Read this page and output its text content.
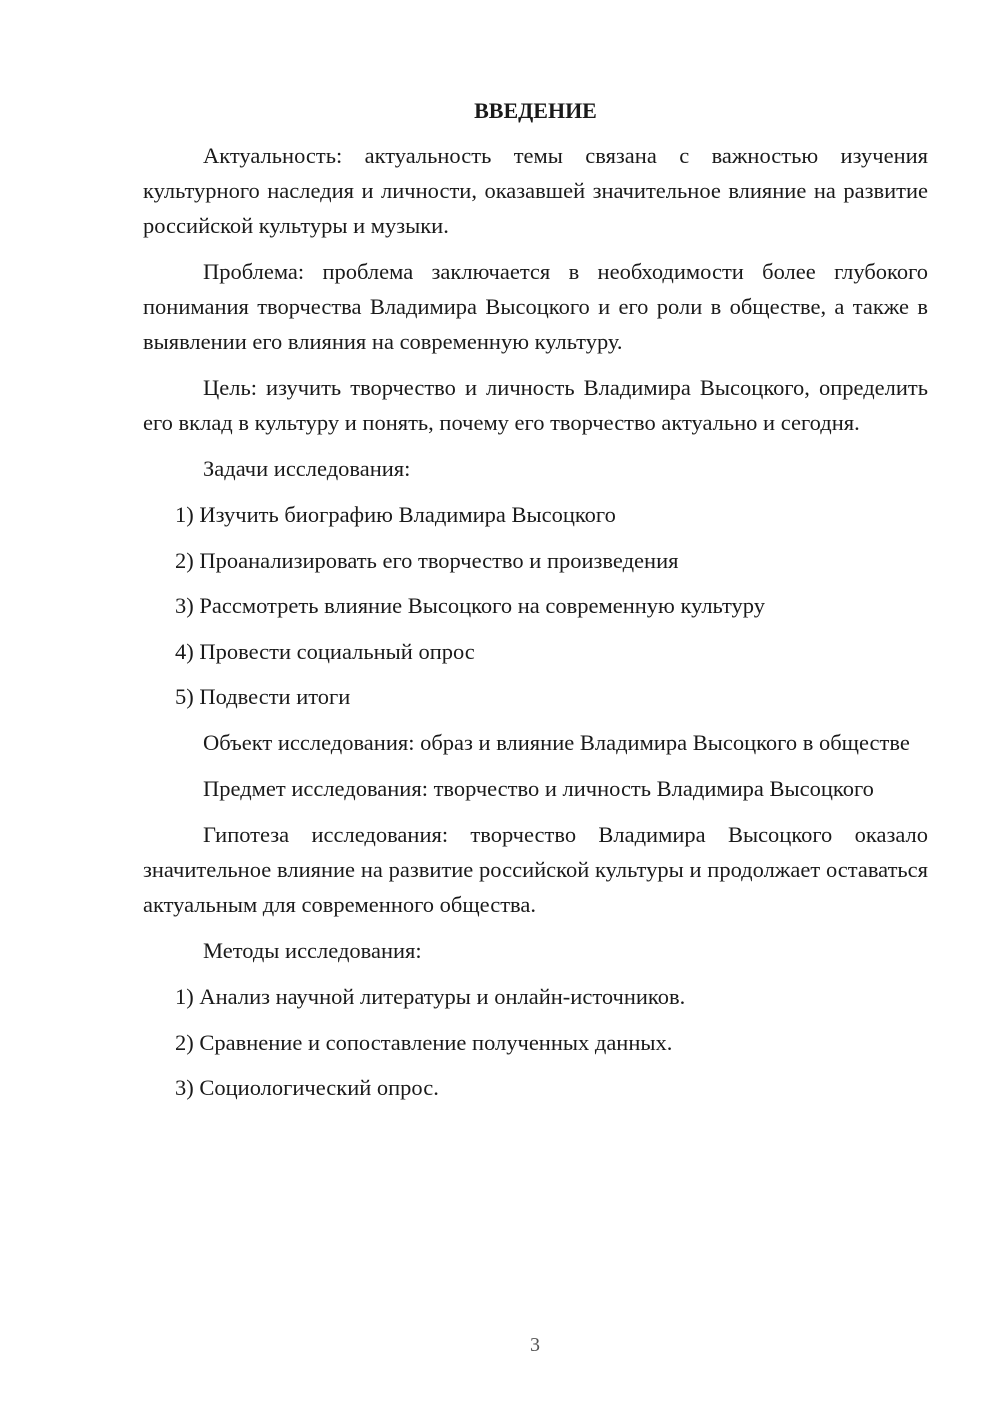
ВВЕДЕНИЕ

Актуальность: актуальность темы связана с важностью изучения культурного наследия и личности, оказавшей значительное влияние на развитие российской культуры и музыки.

Проблема: проблема заключается в необходимости более глубокого понимания творчества Владимира Высоцкого и его роли в обществе, а также в выявлении его влияния на современную культуру.

Цель: изучить творчество и личность Владимира Высоцкого, определить его вклад в культуру и понять, почему его творчество актуально и сегодня.

Задачи исследования:

1) Изучить биографию Владимира Высоцкого
2) Проанализировать его творчество и произведения
3) Рассмотреть влияние Высоцкого на современную культуру
4) Провести социальный опрос
5) Подвести итоги

Объект исследования: образ и влияние Владимира Высоцкого в обществе

Предмет исследования: творчество и личность Владимира Высоцкого

Гипотеза исследования: творчество Владимира Высоцкого оказало значительное влияние на развитие российской культуры и продолжает оставаться актуальным для современного общества.

Методы исследования:

1) Анализ научной литературы и онлайн-источников.
2) Сравнение и сопоставление полученных данных.
3) Социологический опрос.
3
